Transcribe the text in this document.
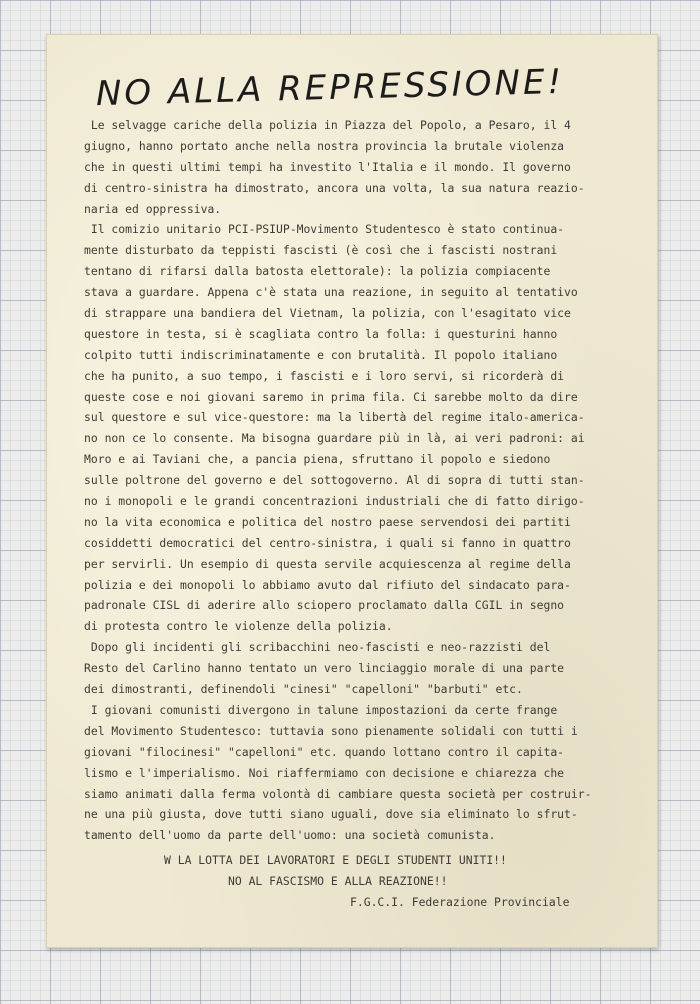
NO ALLA REPRESSIONE!
Le selvagge cariche della polizia in Piazza del Popolo, a Pesaro, il 4
giugno, hanno portato anche nella nostra provincia la brutale violenza
che in questi ultimi tempi ha investito l'Italia e il mondo. Il governo
di centro-sinistra ha dimostrato, ancora una volta, la sua natura reazio-
naria ed oppressiva.
Il comizio unitario PCI-PSIUP-Movimento Studentesco è stato continua-
mente disturbato da teppisti fascisti (è così che i fascisti nostrani
tentano di rifarsi dalla batosta elettorale): la polizia compiacente
stava a guardare. Appena c'è stata una reazione, in seguito al tentativo
di strappare una bandiera del Vietnam, la polizia, con l'esagitato vice
questore in testa, si è scagliata contro la folla: i questurini hanno
colpito tutti indiscriminatamente e con brutalità. Il popolo italiano
che ha punito, a suo tempo, i fascisti e i loro servi, si ricorderà di
queste cose e noi giovani saremo in prima fila. Ci sarebbe molto da dire
sul questore e sul vice-questore: ma la libertà del regime italo-america-
no non ce lo consente. Ma bisogna guardare più in là, ai veri padroni: ai
Moro e ai Taviani che, a pancia piena, sfruttano il popolo e siedono
sulle poltrone del governo e del sottogoverno. Al di sopra di tutti stan-
no i monopoli e le grandi concentrazioni industriali che di fatto dirigo-
no la vita economica e politica del nostro paese servendosi dei partiti
cosiddetti democratici del centro-sinistra, i quali si fanno in quattro
per servirli. Un esempio di questa servile acquiescenza al regime della
polizia e dei monopoli lo abbiamo avuto dal rifiuto del sindacato para-
padronale CISL di aderire allo sciopero proclamato dalla CGIL in segno
di protesta contro le violenze della polizia.
Dopo gli incidenti gli scribacchini neo-fascisti e neo-razzisti del
Resto del Carlino hanno tentato un vero linciaggio morale di una parte
dei dimostranti, definendoli "cinesi" "capelloni" "barbuti" etc.
I giovani comunisti divergono in talune impostazioni da certe frange
del Movimento Studentesco: tuttavia sono pienamente solidali con tutti i
giovani "filocinesi" "capelloni" etc. quando lottano contro il capita-
lismo e l'imperialismo. Noi riaffermiamo con decisione e chiarezza che
siamo animati dalla ferma volontà di cambiare questa società per costruir-
ne una più giusta, dove tutti siano uguali, dove sia eliminato lo sfrut-
tamento dell'uomo da parte dell'uomo: una società comunista.
W LA LOTTA DEI LAVORATORI E DEGLI STUDENTI UNITI!!
NO AL FASCISMO E ALLA REAZIONE!!
F.G.C.I. Federazione Provinciale
